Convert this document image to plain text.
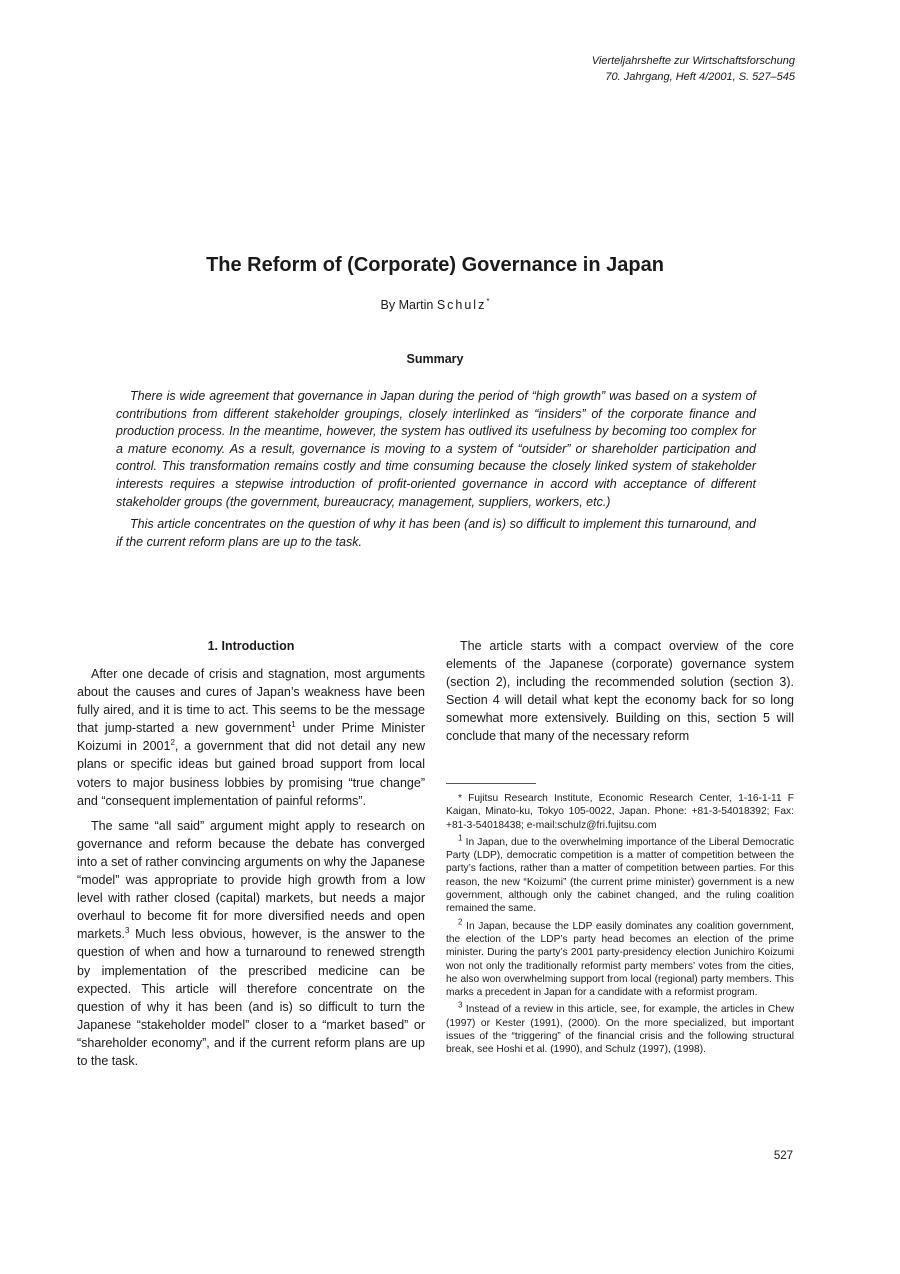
Vierteljahrshefte zur Wirtschaftsforschung
70. Jahrgang, Heft 4/2001, S. 527–545
The Reform of (Corporate) Governance in Japan
By Martin Schulz*
Summary

There is wide agreement that governance in Japan during the period of “high growth” was based on a system of contributions from different stakeholder groupings, closely interlinked as “insiders” of the corporate finance and production process. In the meantime, however, the system has outlived its usefulness by becoming too complex for a mature economy. As a result, governance is moving to a system of “outsider” or shareholder participation and control. This transformation remains costly and time consuming because the closely linked system of stakeholder interests requires a stepwise introduction of profit-oriented governance in accord with acceptance of different stakeholder groups (the government, bureaucracy, management, suppliers, workers, etc.)

This article concentrates on the question of why it has been (and is) so difficult to implement this turnaround, and if the current reform plans are up to the task.

1. Introduction

After one decade of crisis and stagnation, most arguments about the causes and cures of Japan’s weakness have been fully aired, and it is time to act. This seems to be the message that jump-started a new government$^1$ under Prime Minister Koizumi in 2001$^2$, a government that did not detail any new plans or specific ideas but gained broad support from local voters to major business lobbies by promising “true change” and “consequent implementation of painful reforms”.

The same “all said” argument might apply to research on governance and reform because the debate has converged into a set of rather convincing arguments on why the Japanese “model” was appropriate to provide high growth from a low level with rather closed (capital) markets, but needs a major overhaul to become fit for more diversified needs and open markets.$^3$ Much less obvious, however, is the answer to the question of when and how a turnaround to renewed strength by implementation of the prescribed medicine can be expected. This article will therefore concentrate on the question of why it has been (and is) so difficult to turn the Japanese “stakeholder model” closer to a “market based” or “shareholder economy”, and if the current reform plans are up to the task.

The article starts with a compact overview of the core elements of the Japanese (corporate) governance system (section 2), including the recommended solution (section 3). Section 4 will detail what kept the economy back for so long somewhat more extensively. Building on this, section 5 will conclude that many of the necessary reform

* Fujitsu Research Institute, Economic Research Center, 1-16-1-11 F Kaigan, Minato-ku, Tokyo 105-0022, Japan. Phone: +81-3-54018392; Fax: +81-3-54018438; e-mail:schulz@fri.fujitsu.com

$^1$ In Japan, due to the overwhelming importance of the Liberal Democratic Party (LDP), democratic competition is a matter of competition between the party’s factions, rather than a matter of competition between parties. For this reason, the new “Koizumi” (the current prime minister) government is a new government, although only the cabinet changed, and the ruling coalition remained the same.

$^2$ In Japan, because the LDP easily dominates any coalition government, the election of the LDP’s party head becomes an election of the prime minister. During the party’s 2001 party-presidency election Junichiro Koizumi won not only the traditionally reformist party members’ votes from the cities, he also won overwhelming support from local (regional) party members. This marks a precedent in Japan for a candidate with a reformist program.

$^3$ Instead of a review in this article, see, for example, the articles in Chew (1997) or Kester (1991), (2000). On the more specialized, but important issues of the “triggering” of the financial crisis and the following structural break, see Hoshi et al. (1990), and Schulz (1997), (1998).

527
